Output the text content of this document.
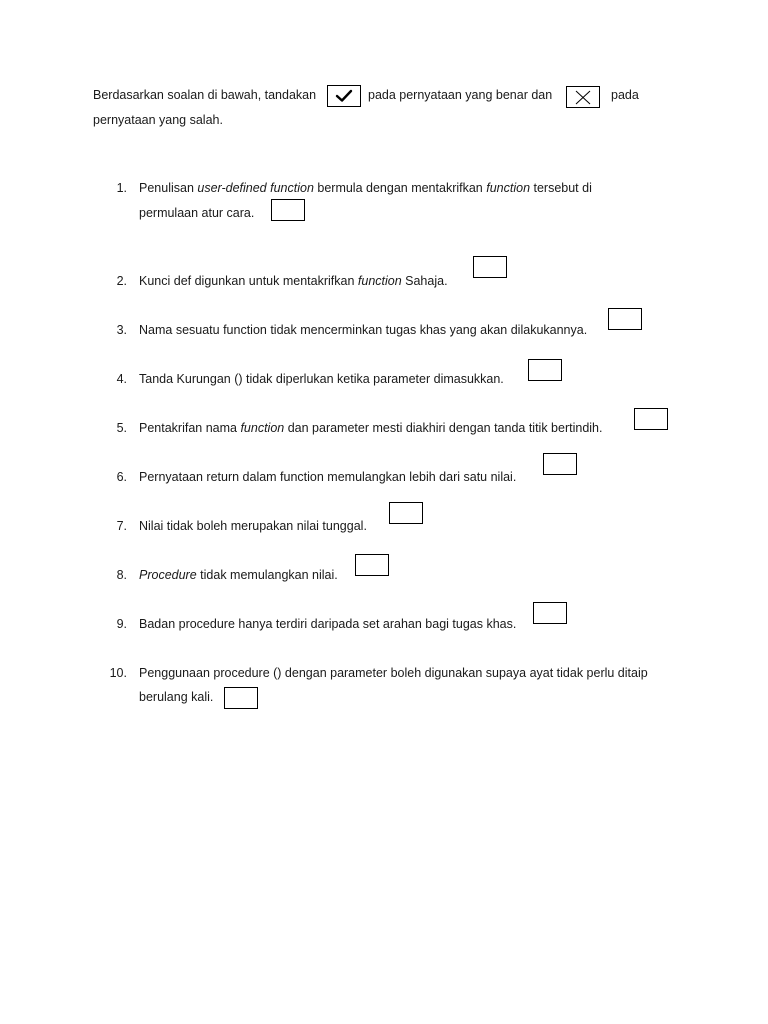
Berdasarkan soalan di bawah, tandakan	pada pernyataan yang benar dan	pada
pernyataan yang salah.
1. Penulisan user-defined function bermula dengan mentakrifkan function tersebut di
permulaan atur cara.
2. Kunci def digunkan untuk mentakrifkan function Sahaja.
3. Nama sesuatu function tidak mencerminkan tugas khas yang akan dilakukannya.
4. Tanda Kurungan () tidak diperlukan ketika parameter dimasukkan.
5. Pentakrifan nama function dan parameter mesti diakhiri dengan tanda titik bertindih.
6. Pernyataan return dalam function memulangkan lebih dari satu nilai.
7. Nilai tidak boleh merupakan nilai tunggal.
8. Procedure tidak memulangkan nilai.
9. Badan procedure hanya terdiri daripada set arahan bagi tugas khas.
10. Penggunaan procedure () dengan parameter boleh digunakan supaya ayat tidak perlu ditaip
berulang kali.
